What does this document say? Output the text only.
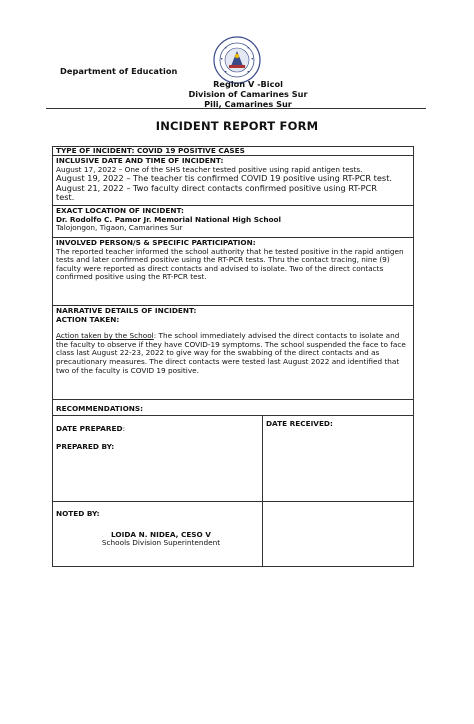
Department of Education
Region V -Bicol
Division of Camarines Sur
Pili, Camarines Sur
INCIDENT REPORT FORM
TYPE OF INCIDENT: COVID 19 POSITIVE CASES
INCLUSIVE DATE AND TIME OF INCIDENT:
August 17, 2022 – One of the SHS teacher tested positive using rapid antigen tests.
August 19, 2022 – The teacher tis confirmed COVID 19 positive using RT-PCR test.
August 21, 2022 – Two faculty direct contacts confirmed positive using RT-PCR
test.
EXACT LOCATION OF INCIDENT:
Dr. Rodolfo C. Pamor Jr. Memorial National High School
Talojongon, Tigaon, Camarines Sur
INVOLVED PERSON/S & SPECIFIC PARTICIPATION:
The reported teacher informed the school authority that he tested positive in the rapid antigen tests and later confirmed positive using the RT-PCR tests. Thru the contact tracing, nine (9) faculty were reported as direct contacts and advised to isolate. Two of the direct contacts confirmed positive using the RT-PCR test.
NARRATIVE DETAILS OF INCIDENT:
ACTION TAKEN:
Action taken by the School: The school immediately advised the direct contacts to isolate and the faculty to observe if they have COVID-19 symptoms. The school suspended the face to face class last August 22-23, 2022 to give way for the swabbing of the direct contacts and as precautionary measures. The direct contacts were tested last August 2022 and identified that two of the faculty is COVID 19 positive.
RECOMMENDATIONS:
DATE PREPARED:
PREPARED BY:
DATE RECEIVED:
NOTED BY:
LOIDA N. NIDEA, CESO V
Schools Division Superintendent
